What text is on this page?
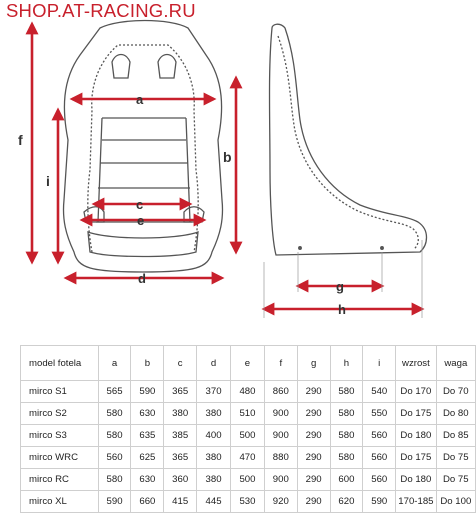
SHOP.AT-RACING.RU
a
b
c
d
e
f
i
g
h
model fotela	a	b	c	d	e	f	g	h	i	wzrost	waga
mirco S1	565	590	365	370	480	860	290	580	540	Do 170	Do 70
mirco S2	580	630	380	380	510	900	290	580	550	Do 175	Do 80
mirco S3	580	635	385	400	500	900	290	580	560	Do 180	Do 85
mirco WRC	560	625	365	380	470	880	290	580	560	Do 175	Do 75
mirco RC	580	630	360	380	500	900	290	600	560	Do 180	Do 75
mirco XL	590	660	415	445	530	920	290	620	590	170-185	Do 100
